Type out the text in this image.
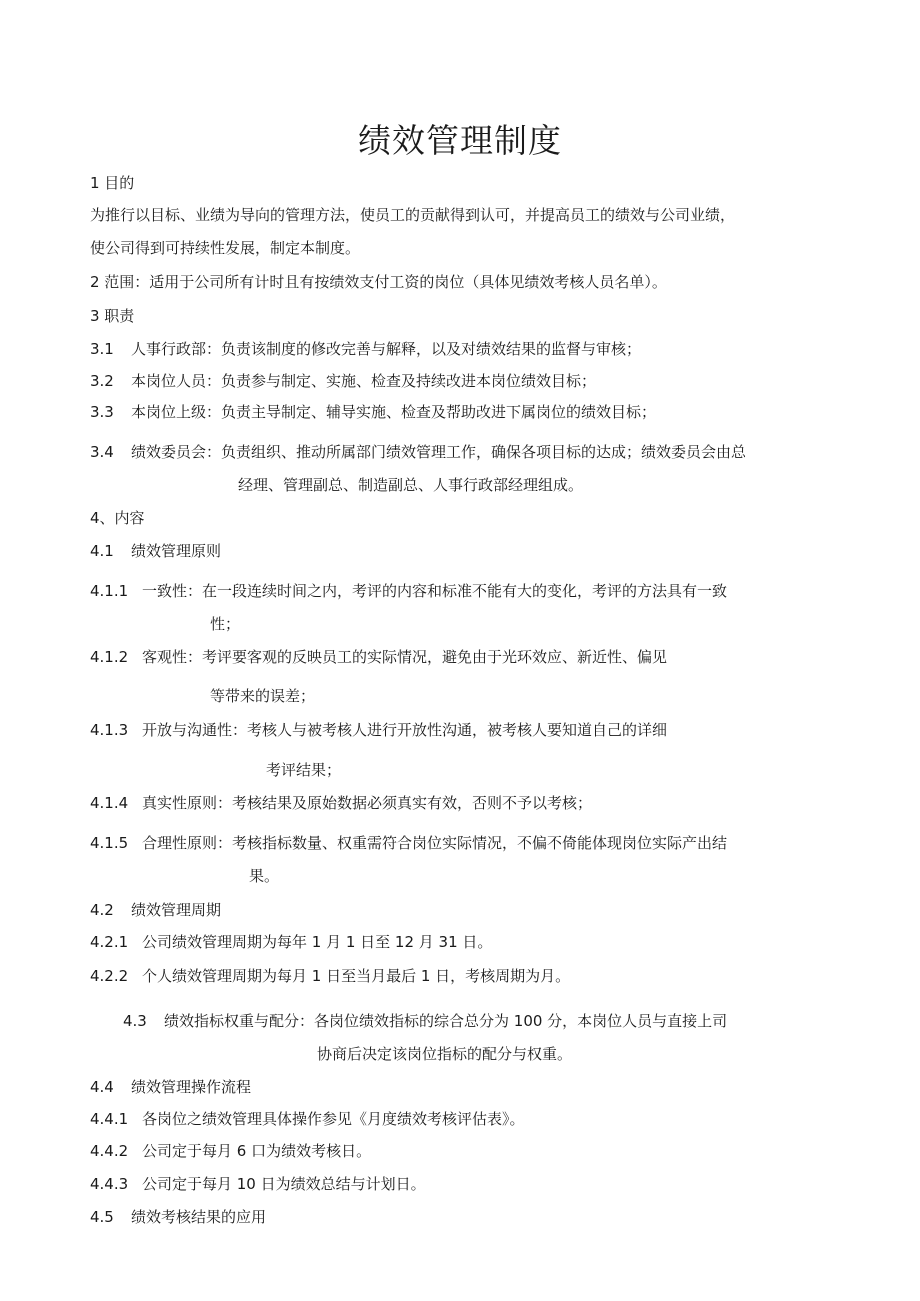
绩效管理制度
1 目的
为推行以目标、业绩为导向的管理方法，使员工的贡献得到认可，并提高员工的绩效与公司业绩，
使公司得到可持续性发展，制定本制度。
2 范围：适用于公司所有计时且有按绩效支付工资的岗位（具体见绩效考核人员名单）。
3 职责
3.1 人事行政部：负责该制度的修改完善与解释，以及对绩效结果的监督与审核；
3.2 本岗位人员：负责参与制定、实施、检查及持续改进本岗位绩效目标；
3.3 本岗位上级：负责主导制定、辅导实施、检查及帮助改进下属岗位的绩效目标；
3.4 绩效委员会：负责组织、推动所属部门绩效管理工作，确保各项目标的达成；绩效委员会由总
经理、管理副总、制造副总、人事行政部经理组成。
4、内容
4.1 绩效管理原则
4.1.1 一致性：在一段连续时间之内，考评的内容和标准不能有大的变化，考评的方法具有一致
性；
4.1.2 客观性：考评要客观的反映员工的实际情况，避免由于光环效应、新近性、偏见
等带来的误差；
4.1.3 开放与沟通性：考核人与被考核人进行开放性沟通，被考核人要知道自己的详细
考评结果；
4.1.4 真实性原则：考核结果及原始数据必须真实有效，否则不予以考核；
4.1.5 合理性原则：考核指标数量、权重需符合岗位实际情况，不偏不倚能体现岗位实际产出结
果。
4.2 绩效管理周期
4.2.1 公司绩效管理周期为每年 1 月 1 日至 12 月 31 日。
4.2.2 个人绩效管理周期为每月 1 日至当月最后 1 日，考核周期为月。
4.3 绩效指标权重与配分：各岗位绩效指标的综合总分为 100 分，本岗位人员与直接上司
协商后决定该岗位指标的配分与权重。
4.4 绩效管理操作流程
4.4.1 各岗位之绩效管理具体操作参见《月度绩效考核评估表》。
4.4.2 公司定于每月 6 口为绩效考核日。
4.4.3 公司定于每月 10 日为绩效总结与计划日。
4.5 绩效考核结果的应用
